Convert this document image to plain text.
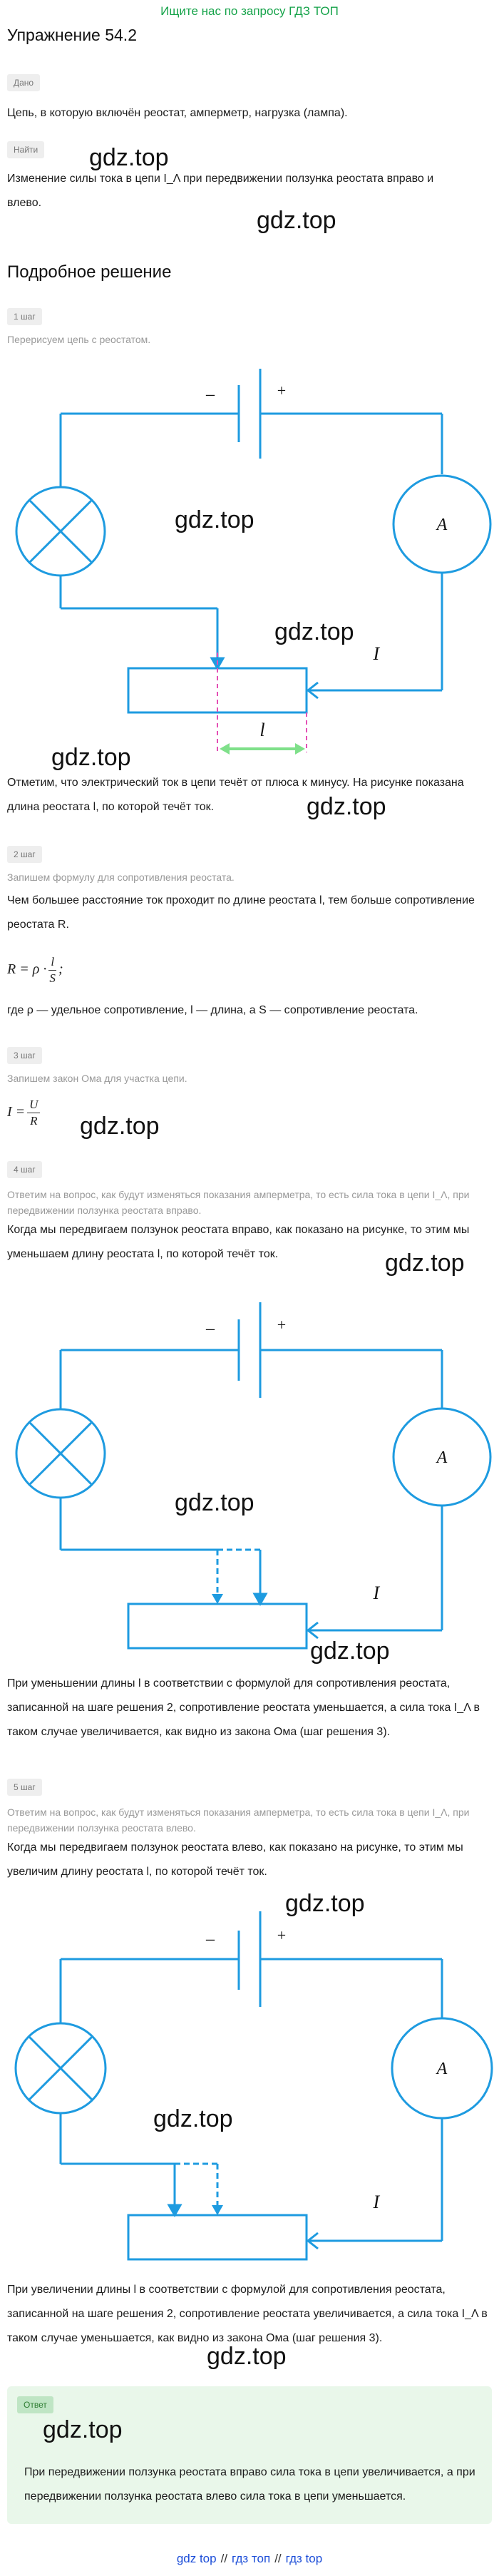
Ищите нас по запросу ГДЗ ТОП
Упражнение 54.2
Дано
Цепь, в которую включён реостат, амперметр, нагрузка (лампа).
Найти
Изменение силы тока в цепи I_Λ при передвижении ползунка реостата вправо и влево.
gdz.top
gdz.top
Подробное решение
1 шаг
Перерисуем цепь с реостатом.
–	+
A
I⃗
l
gdz.top
gdz.top
gdz.top
Отметим, что электрический ток в цепи течёт от плюса к минусу. На рисунке показана длина реостата l, по которой течёт ток.	gdz.top
2 шаг
Запишем формулу для сопротивления реостата.
Чем большее расстояние ток проходит по длине реостата l, тем больше сопротивление реостата R.
$R = \rho \cdot \frac{l}{S}$ ;
где ρ — удельное сопротивление, l — длина, а S — сопротивление реостата.
3 шаг
Запишем закон Ома для участка цепи.
$I = \frac{U}{R} gdz.top$
4 шаг
Ответим на вопрос, как будут изменяться показания амперметра, то есть сила тока в цепи I_Λ, при передвижении ползунка реостата вправо.
Когда мы передвигаем ползунок реостата вправо, как показано на рисунке, то этим мы уменьшаем длину реостата l, по которой течёт ток.	gdz.top
–	+
A
I⃗
gdz.top
gdz.top
При уменьшении длины l в соответствии с формулой для сопротивления реостата, записанной на шаге решения 2, сопротивление реостата уменьшается, а сила тока I_Λ в таком случае увеличивается, как видно из закона Ома (шаг решения 3).
5 шаг
Ответим на вопрос, как будут изменяться показания амперметра, то есть сила тока в цепи I_Λ, при передвижении ползунка реостата влево.
Когда мы передвигаем ползунок реостата влево, как показано на рисунке, то этим мы увеличим длину реостата l, по которой течёт ток.
–	+
A
I⃗
gdz.top
gdz.top
При увеличении длины l в соответствии с формулой для сопротивления реостата, записанной на шаге решения 2, сопротивление реостата увеличивается, а сила тока I_Λ в таком случае уменьшается, как видно из закона Ома (шаг решения 3).
gdz.top
Ответ
При передвижении ползунка реостата вправо сила тока в цепи увеличивается, а при передвижении ползунка реостата влево сила тока в цепи уменьшается.
gdz.top
gdz top // гдз топ // гдз top
